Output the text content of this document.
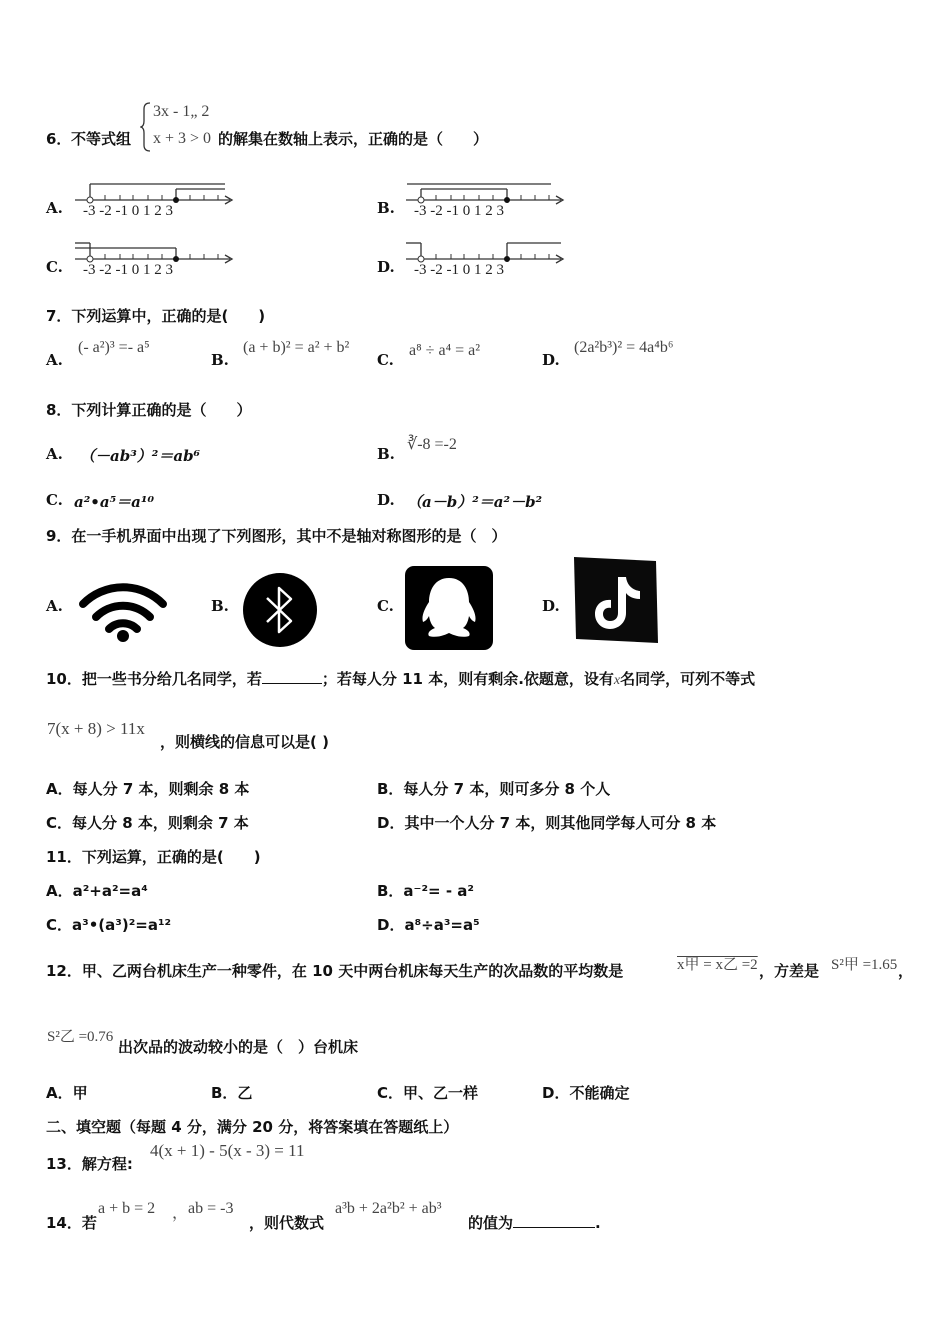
6． 不等式组
3x - 1„ 2
x + 3 > 0 的解集在数轴上表示，正确的是（　　）
A. -3 -2 -1 0 1 2 3	B. -3 -2 -1 0 1 2 3
C. -3 -2 -1 0 1 2 3	D. -3 -2 -1 0 1 2 3
7．下列运算中，正确的是(　　)
A.
(- a²)³ =- a⁵
B.
(a + b)² = a² + b²
C.
a⁸ ÷ a⁴ = a²
D.
(2a²b³)² = 4a⁴b⁶
8．下列计算正确的是（　　）
A. （－ab³）²＝ab⁶	B.
∛-8 =-2
C. a²•a⁵＝a¹⁰	D. （a－b）²＝a²－b²
9．在一手机界面中出现了下列图形，其中不是轴对称图形的是（　）
A.	B.	C.	D.
10．把一些书分给几名同学，若	；若每人分 11 本，则有剩余.依题意，设有x名同学，可列不等式
7(x + 8) > 11x
，则横线的信息可以是( )
A．每人分 7 本，则剩余 8 本	B．每人分 7 本，则可多分 8 个人
C．每人分 8 本，则剩余 7 本	D．其中一个人分 7 本，则其他同学每人可分 8 本
11．下列运算，正确的是(　　)
A．a²+a²=a⁴	B．a⁻²= - a²
C．a³•(a³)²=a¹²	D．a⁸÷a³=a⁵
12．甲、乙两台机床生产一种零件，在 10 天中两台机床每天生产的次品数的平均数是	x甲 = x乙 =2 ，方差是 S²甲 =1.65 ，
S²乙 =0.76
出次品的波动较小的是（　）台机床
A．甲	B．乙	C．甲、乙一样	D．不能确定
二、填空题（每题 4 分，满分 20 分，将答案填在答题纸上）
13．解方程:
4(x + 1) - 5(x - 3) = 11
14．若
a + b = 2 ， ab = -3
，则代数式
a³b + 2a²b² + ab³
的值为	.
